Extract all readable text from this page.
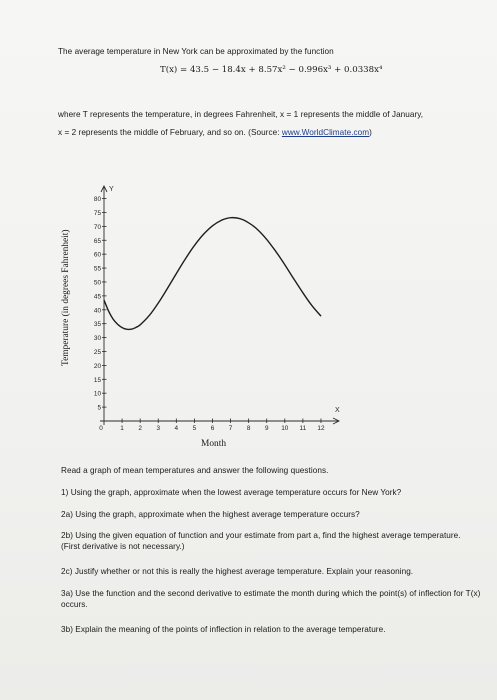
The average temperature in New York can be approximated by the function
T(x) = 43.5 − 18.4x + 8.57x² − 0.996x³ + 0.0338x⁴
where T represents the temperature, in degrees Fahrenheit, x = 1 represents the middle of January,
x = 2 represents the middle of February, and so on. (Source: www.WorldClimate.com)
Y
X
5
10
15
20
25
30
35
40
45
50
55
60
65
70
75
80
0	1 2 3 4 5 6 7 8 9 10 11 12
Temperature (in degrees Fahrenheit)
Month
Read a graph of mean temperatures and answer the following questions.
1) Using the graph, approximate when the lowest average temperature occurs for New York?
2a) Using the graph, approximate when the highest average temperature occurs?
2b) Using the given equation of function and your estimate from part a, find the highest average temperature. (First derivative is not necessary.)
2c) Justify whether or not this is really the highest average temperature. Explain your reasoning.
3a) Use the function and the second derivative to estimate the month during which the point(s) of inflection for T(x) occurs.
3b) Explain the meaning of the points of inflection in relation to the average temperature.
